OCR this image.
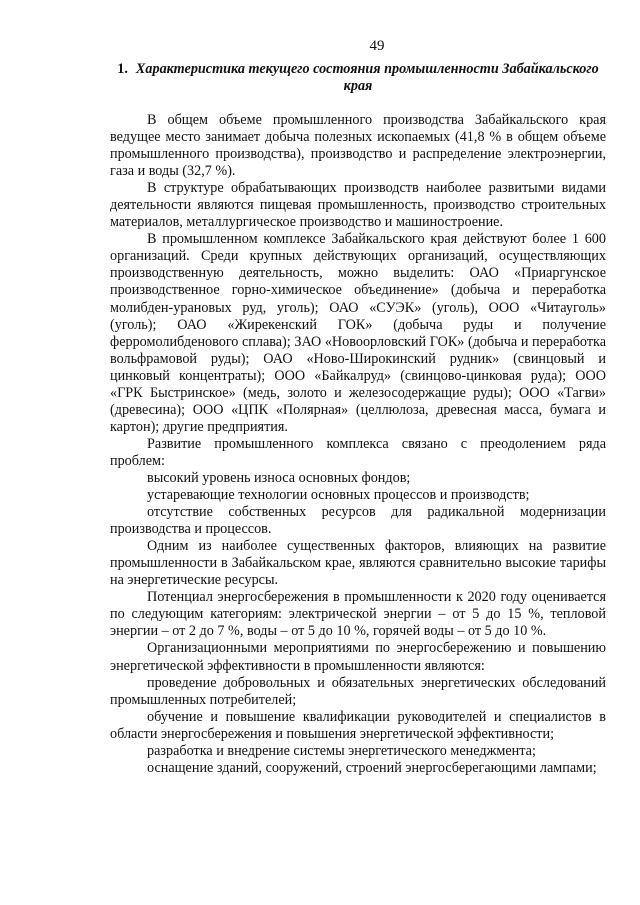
49
1. Характеристика текущего состояния промышленности Забайкальского края

В общем объеме промышленного производства Забайкальского края ведущее место занимает добыча полезных ископаемых (41,8 % в общем объеме промышленного производства), производство и распределение электроэнергии, газа и воды (32,7 %).

В структуре обрабатывающих производств наиболее развитыми видами деятельности являются пищевая промышленность, производство строительных материалов, металлургическое производство и машиностроение.

В промышленном комплексе Забайкальского края действуют более 1 600 организаций. Среди крупных действующих организаций, осуществляющих производственную деятельность, можно выделить: ОАО «Приаргунское производственное горно-химическое объединение» (добыча и переработка молибден-урановых руд, уголь); ОАО «СУЭК» (уголь), ООО «Читауголь» (уголь); ОАО «Жирекенский ГОК» (добыча руды и получение ферромолибденового сплава); ЗАО «Новоорловский ГОК» (добыча и переработка вольфрамовой руды); ОАО «Ново-Широкинский рудник» (свинцовый и цинковый концентраты); ООО «Байкалруд» (свинцово-цинковая руда); ООО «ГРК Быстринское» (медь, золото и железосодержащие руды); ООО «Тагви» (древесина); ООО «ЦПК «Полярная» (целлюлоза, древесная масса, бумага и картон); другие предприятия.

Развитие промышленного комплекса связано с преодолением ряда проблем:

высокий уровень износа основных фондов;

устаревающие технологии основных процессов и производств;

отсутствие собственных ресурсов для радикальной модернизации производства и процессов.

Одним из наиболее существенных факторов, влияющих на развитие промышленности в Забайкальском крае, являются сравнительно высокие тарифы на энергетические ресурсы.

Потенциал энергосбережения в промышленности к 2020 году оценивается по следующим категориям: электрической энергии – от 5 до 15 %, тепловой энергии – от 2 до 7 %, воды – от 5 до 10 %, горячей воды – от 5 до 10 %.

Организационными мероприятиями по энергосбережению и повышению энергетической эффективности в промышленности являются:

проведение добровольных и обязательных энергетических обследований промышленных потребителей;

обучение и повышение квалификации руководителей и специалистов в области энергосбережения и повышения энергетической эффективности;

разработка и внедрение системы энергетического менеджмента;

оснащение зданий, сооружений, строений энергосберегающими лампами;
